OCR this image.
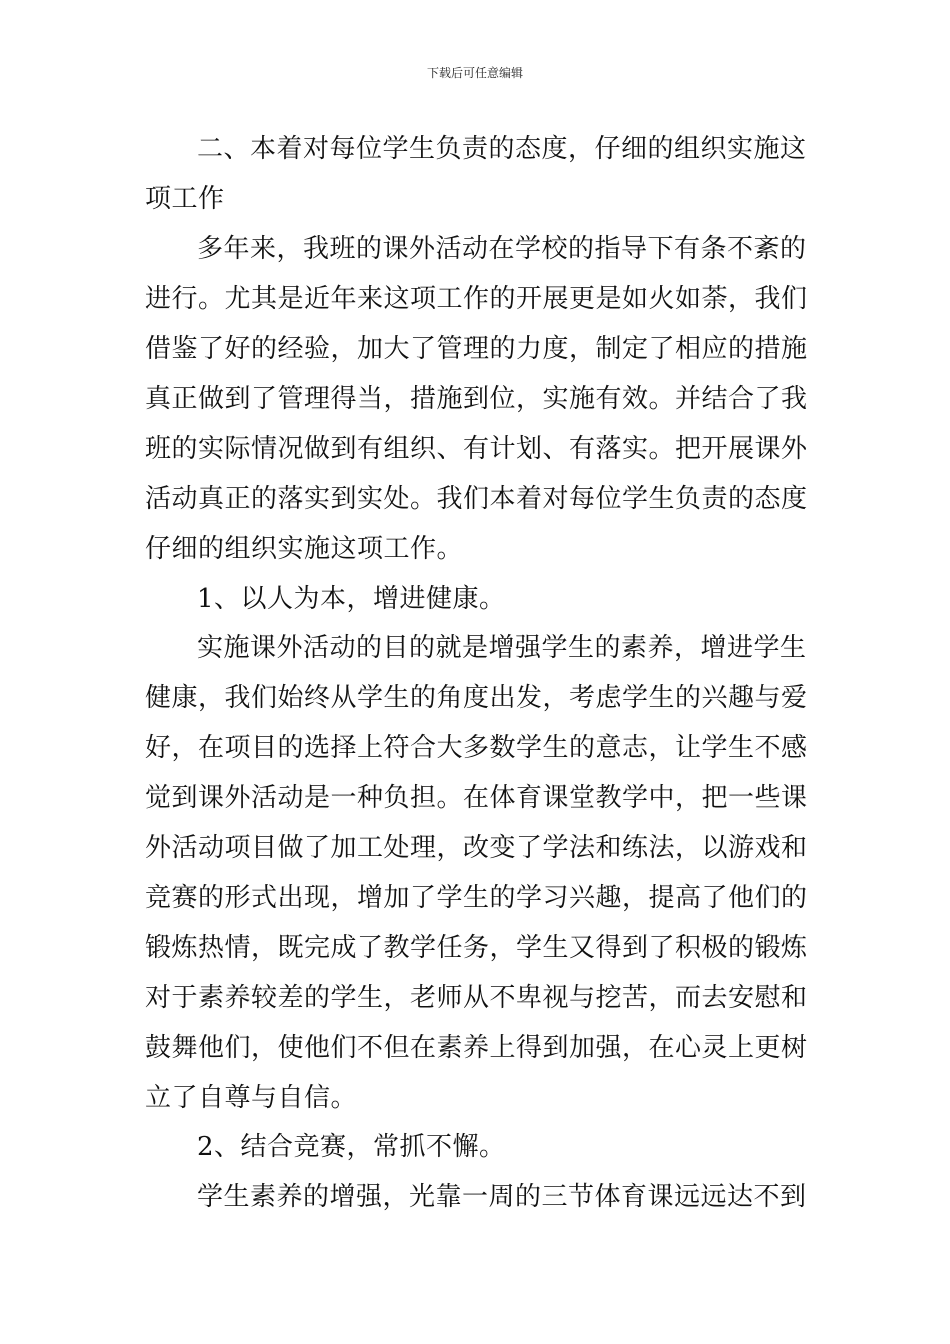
下载后可任意编辑
二、本着对每位学生负责的态度，仔细的组织实施这
项工作
多年来，我班的课外活动在学校的指导下有条不紊的
进行。尤其是近年来这项工作的开展更是如火如荼，我们
借鉴了好的经验，加大了管理的力度，制定了相应的措施
真正做到了管理得当，措施到位，实施有效。并结合了我
班的实际情况做到有组织、有计划、有落实。把开展课外
活动真正的落实到实处。我们本着对每位学生负责的态度
仔细的组织实施这项工作。
1、以人为本，增进健康。
实施课外活动的目的就是增强学生的素养，增进学生
健康，我们始终从学生的角度出发，考虑学生的兴趣与爱
好，在项目的选择上符合大多数学生的意志，让学生不感
觉到课外活动是一种负担。在体育课堂教学中，把一些课
外活动项目做了加工处理，改变了学法和练法，以游戏和
竞赛的形式出现，增加了学生的学习兴趣，提高了他们的
锻炼热情，既完成了教学任务，学生又得到了积极的锻炼
对于素养较差的学生，老师从不卑视与挖苦，而去安慰和
鼓舞他们，使他们不但在素养上得到加强，在心灵上更树
立了自尊与自信。
2、结合竞赛，常抓不懈。
学生素养的增强，光靠一周的三节体育课远远达不到
